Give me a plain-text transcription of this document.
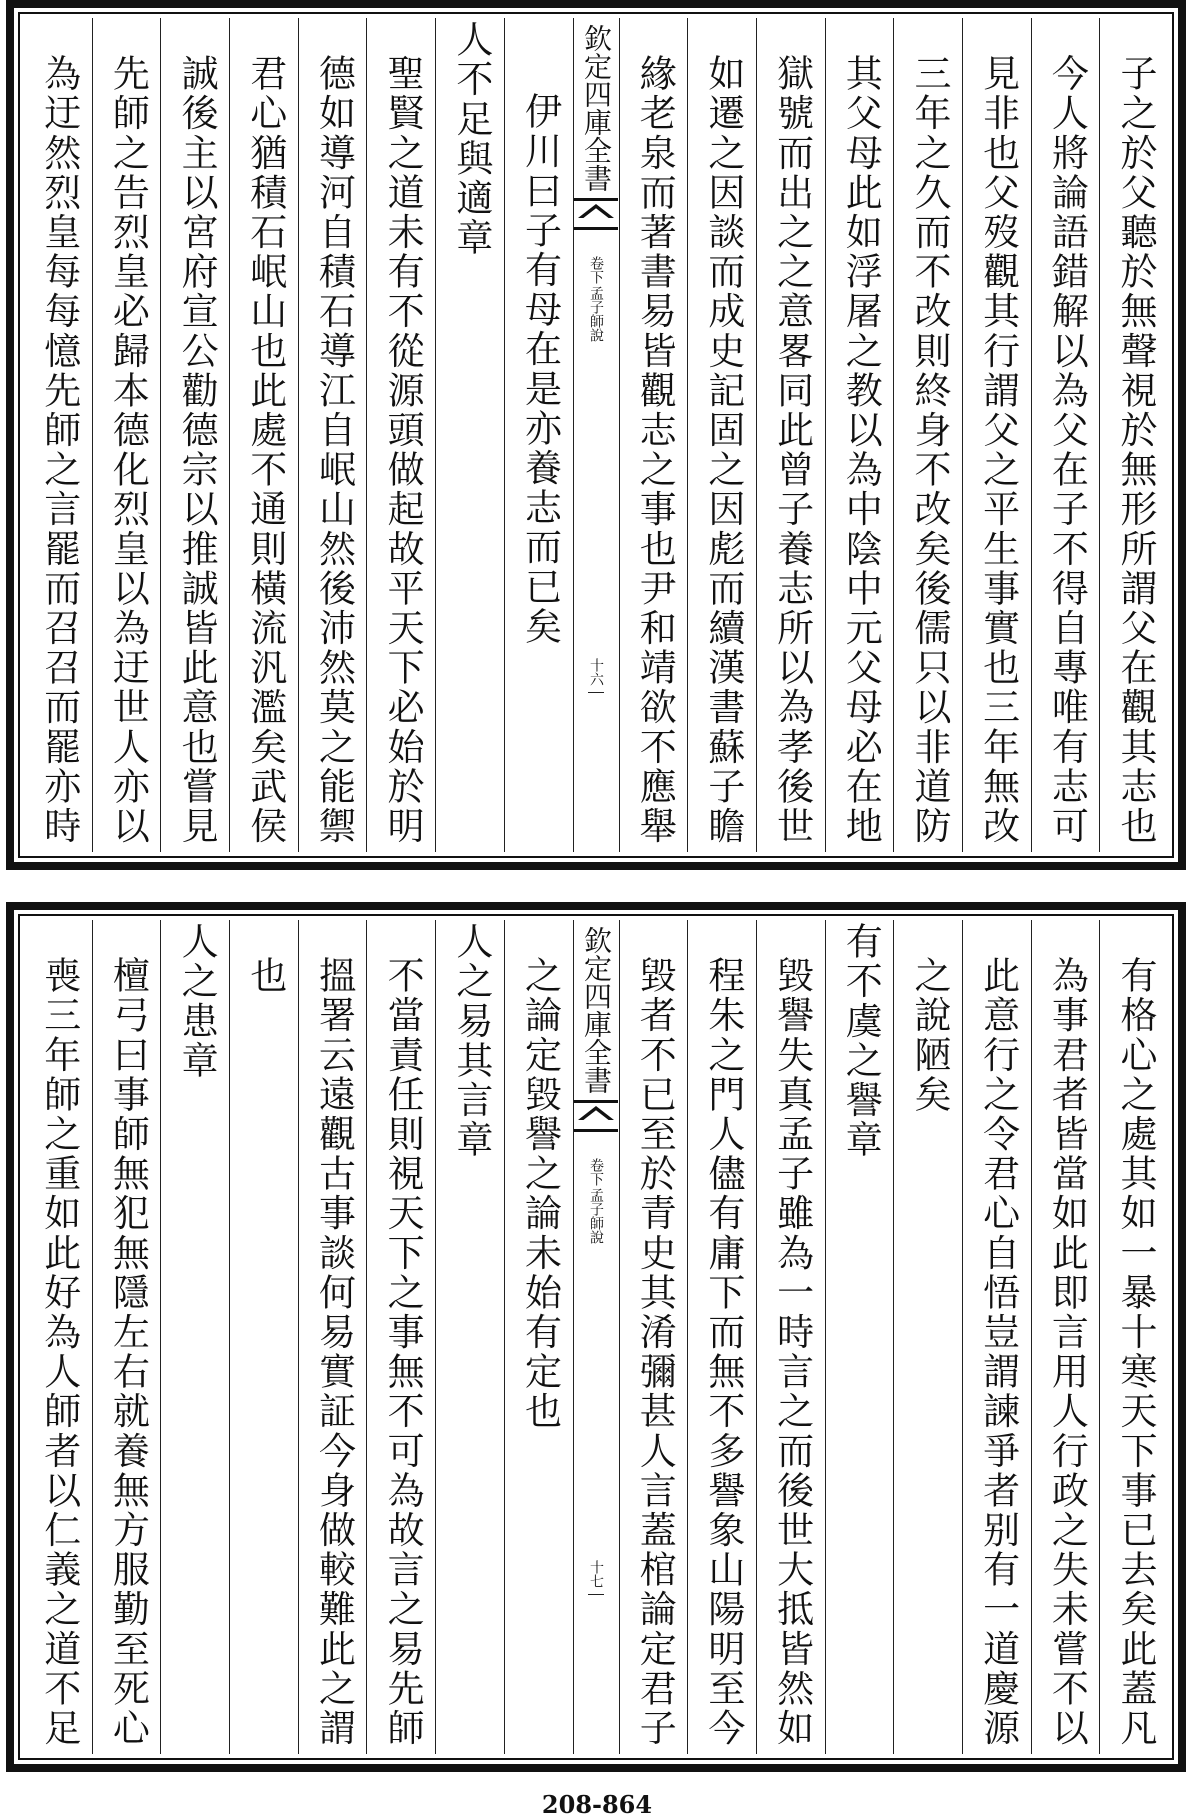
子之於父聽於無聲視於無形所謂父在觀其志也
今人將論語錯解以為父在子不得自專唯有志可
見非也父歿觀其行謂父之平生事實也三年無改
三年之久而不改則終身不改矣後儒只以非道防
其父母此如浮屠之教以為中陰中元父母必在地
獄號而出之之意畧同此曾子養志所以為孝後世
如遷之因談而成史記固之因彪而續漢書蘇子瞻
緣老泉而著書易皆觀志之事也尹和靖欲不應舉
欽定四庫全書
孟子師說
卷下
十六
伊川曰子有母在是亦養志而已矣
人不足與適章
聖賢之道未有不從源頭做起故平天下必始於明
德如導河自積石導江自岷山然後沛然莫之能禦
君心猶積石岷山也此處不通則橫流汎濫矣武侯
誠後主以宮府宣公勸德宗以推誠皆此意也嘗見
先師之告烈皇必歸本德化烈皇以為迂世人亦以
為迂然烈皇每每憶先師之言罷而召召而罷亦時
有格心之處其如一暴十寒天下事已去矣此蓋凡
為事君者皆當如此即言用人行政之失未嘗不以
此意行之令君心自悟豈謂諫爭者别有一道慶源
之說陋矣
有不虞之譽章
毀譽失真孟子雖為一時言之而後世大抵皆然如
程朱之門人儘有庸下而無不多譽象山陽明至今
毀者不已至於青史其淆彌甚人言蓋棺論定君子
欽定四庫全書
孟子師說
卷下
十七
之論定毀譽之論未始有定也
人之易其言章
不當責任則視天下之事無不可為故言之易先師
搵署云遠觀古事談何易實証今身做較難此之謂
也
人之患章
檀弓曰事師無犯無隱左右就養無方服勤至死心
喪三年師之重如此好為人師者以仁義之道不足
208-864
